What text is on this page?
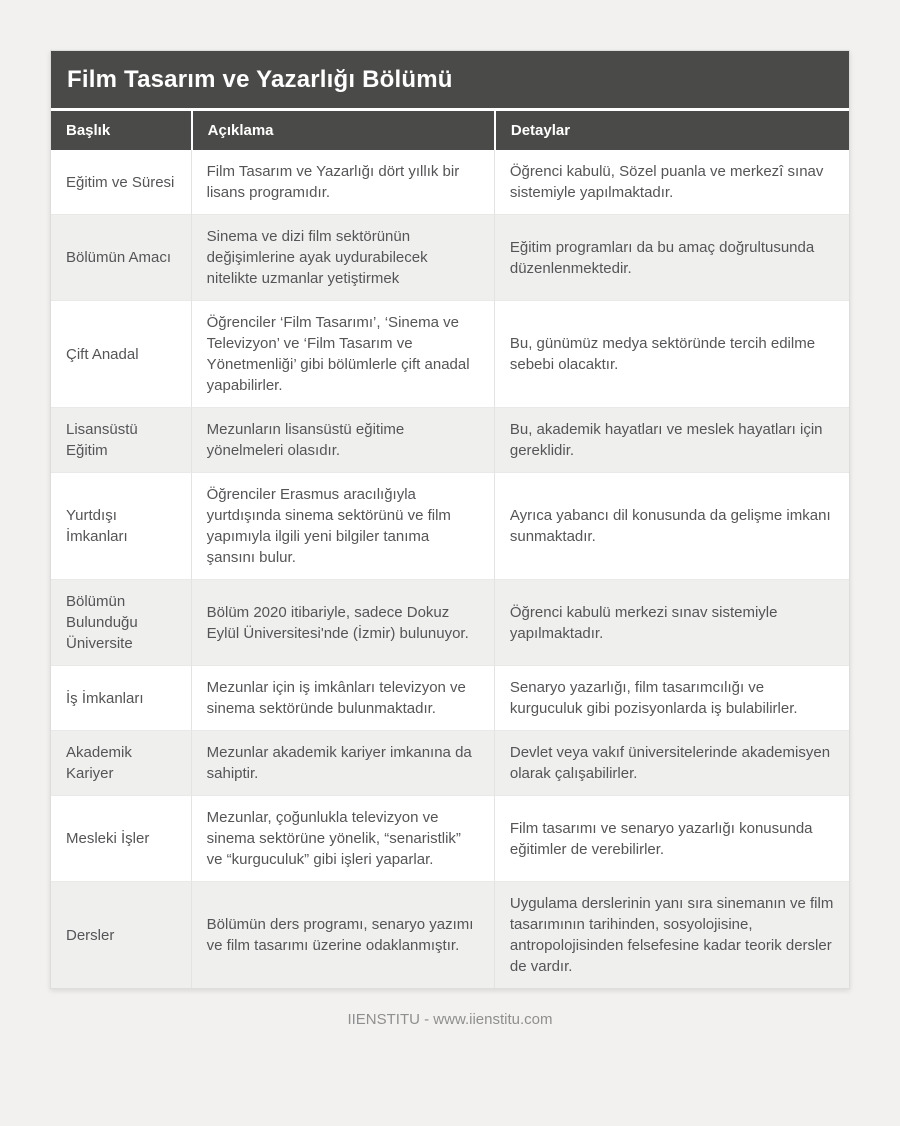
Film Tasarım ve Yazarlığı Bölümü
Başlık	Açıklama	Detaylar
Eğitim ve Süresi	Film Tasarım ve Yazarlığı dört yıllık bir lisans programıdır.	Öğrenci kabulü, Sözel puanla ve merkezî sınav sistemiyle yapılmaktadır.
Bölümün Amacı	Sinema ve dizi film sektörünün değişimlerine ayak uydurabilecek nitelikte uzmanlar yetiştirmek	Eğitim programları da bu amaç doğrultusunda düzenlenmektedir.
Çift Anadal	Öğrenciler ‘Film Tasarımı’, ‘Sinema ve Televizyon’ ve ‘Film Tasarım ve Yönetmenliği’ gibi bölümlerle çift anadal yapabilirler.	Bu, günümüz medya sektöründe tercih edilme sebebi olacaktır.
Lisansüstü Eğitim	Mezunların lisansüstü eğitime yönelmeleri olasıdır.	Bu, akademik hayatları ve meslek hayatları için gereklidir.
Yurtdışı İmkanları	Öğrenciler Erasmus aracılığıyla yurtdışında sinema sektörünü ve film yapımıyla ilgili yeni bilgiler tanıma şansını bulur.	Ayrıca yabancı dil konusunda da gelişme imkanı sunmaktadır.
Bölümün Bulunduğu Üniversite	Bölüm 2020 itibariyle, sadece Dokuz Eylül Üniversitesi'nde (İzmir) bulunuyor.	Öğrenci kabulü merkezi sınav sistemiyle yapılmaktadır.
İş İmkanları	Mezunlar için iş imkânları televizyon ve sinema sektöründe bulunmaktadır.	Senaryo yazarlığı, film tasarımcılığı ve kurguculuk gibi pozisyonlarda iş bulabilirler.
Akademik Kariyer	Mezunlar akademik kariyer imkanına da sahiptir.	Devlet veya vakıf üniversitelerinde akademisyen olarak çalışabilirler.
Mesleki İşler	Mezunlar, çoğunlukla televizyon ve sinema sektörüne yönelik, “senaristlik” ve “kurguculuk” gibi işleri yaparlar.	Film tasarımı ve senaryo yazarlığı konusunda eğitimler de verebilirler.
Dersler	Bölümün ders programı, senaryo yazımı ve film tasarımı üzerine odaklanmıştır.	Uygulama derslerinin yanı sıra sinemanın ve film tasarımının tarihinden, sosyolojisine, antropolojisinden felsefesine kadar teorik dersler de vardır.
IIENSTITU - www.iienstitu.com
